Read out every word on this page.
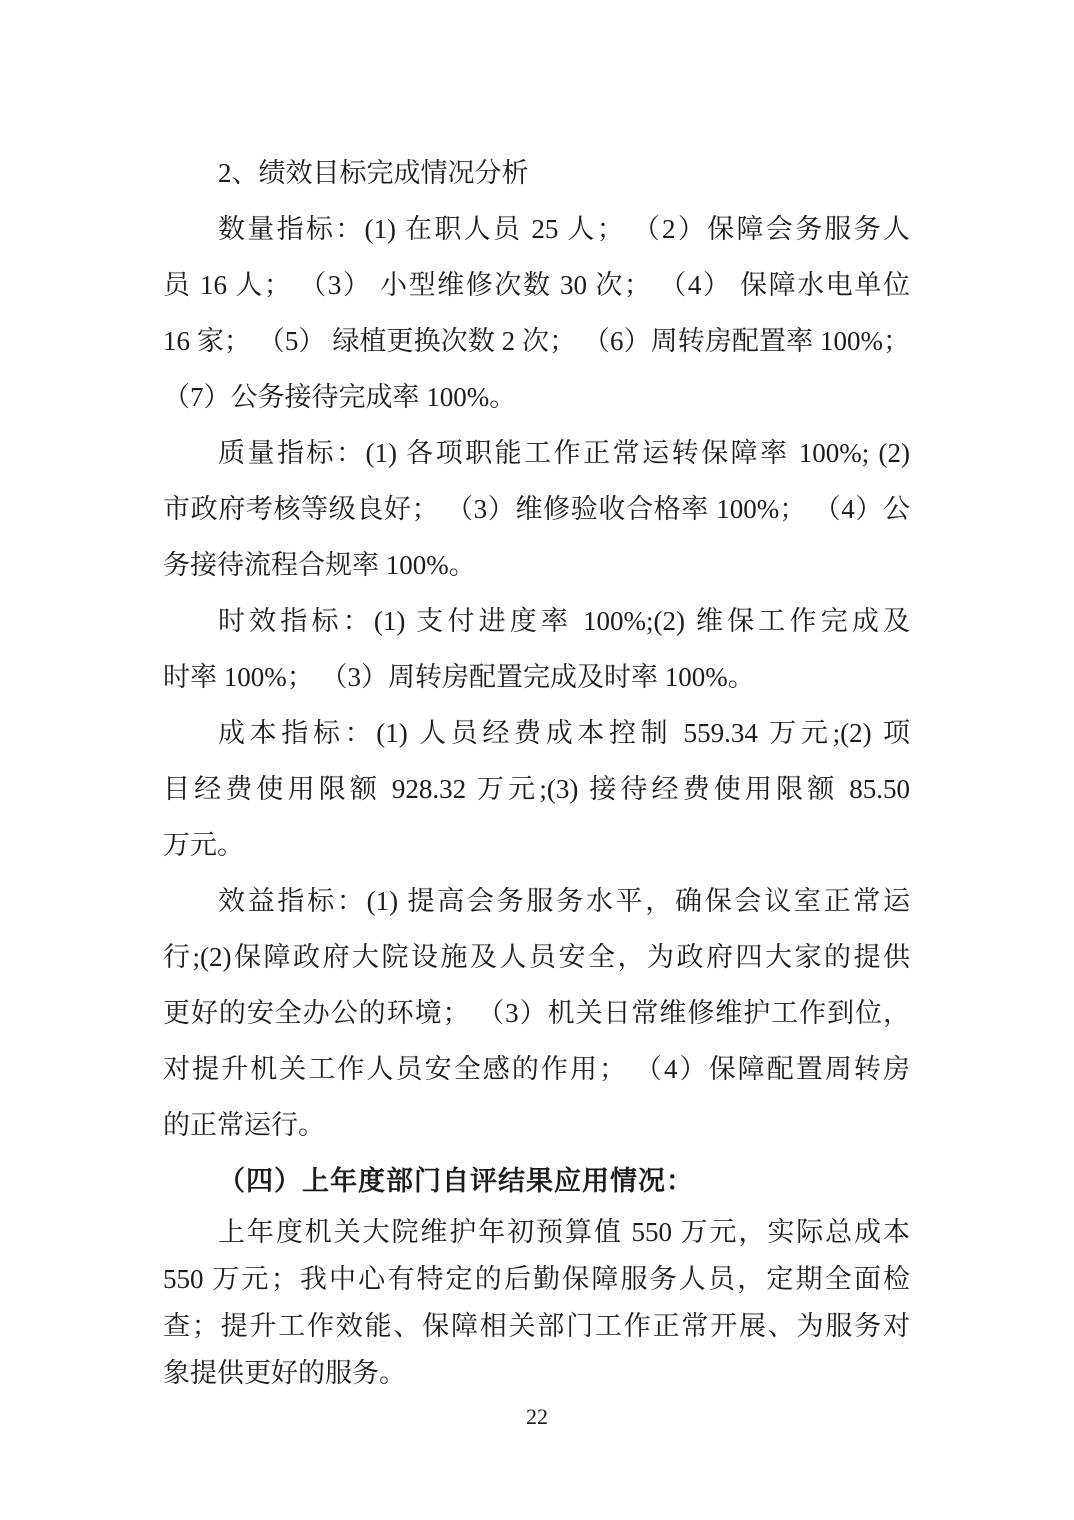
2、绩效目标完成情况分析
数量指标：(1) 在职人员 25 人； （2）保障会务服务人
员 16 人； （3） 小型维修次数 30 次； （4） 保障水电单位
16 家； （5） 绿植更换次数 2 次； （6）周转房配置率 100%；
（7）公务接待完成率 100%。
质量指标：(1) 各项职能工作正常运转保障率 100%; (2)
市政府考核等级良好； （3）维修验收合格率 100%； （4）公
务接待流程合规率 100%。
时效指标：(1) 支付进度率 100%;(2) 维保工作完成及
时率 100%； （3）周转房配置完成及时率 100%。
成本指标：(1) 人员经费成本控制 559.34 万元;(2) 项
目经费使用限额 928.32 万元;(3) 接待经费使用限额 85.50
万元。
效益指标：(1) 提高会务服务水平，确保会议室正常运
行;(2)保障政府大院设施及人员安全，为政府四大家的提供
更好的安全办公的环境； （3）机关日常维修维护工作到位，
对提升机关工作人员安全感的作用； （4）保障配置周转房
的正常运行。
（四）上年度部门自评结果应用情况：
上年度机关大院维护年初预算值 550 万元，实际总成本
550 万元；我中心有特定的后勤保障服务人员，定期全面检
查；提升工作效能、保障相关部门工作正常开展、为服务对
象提供更好的服务。
22
